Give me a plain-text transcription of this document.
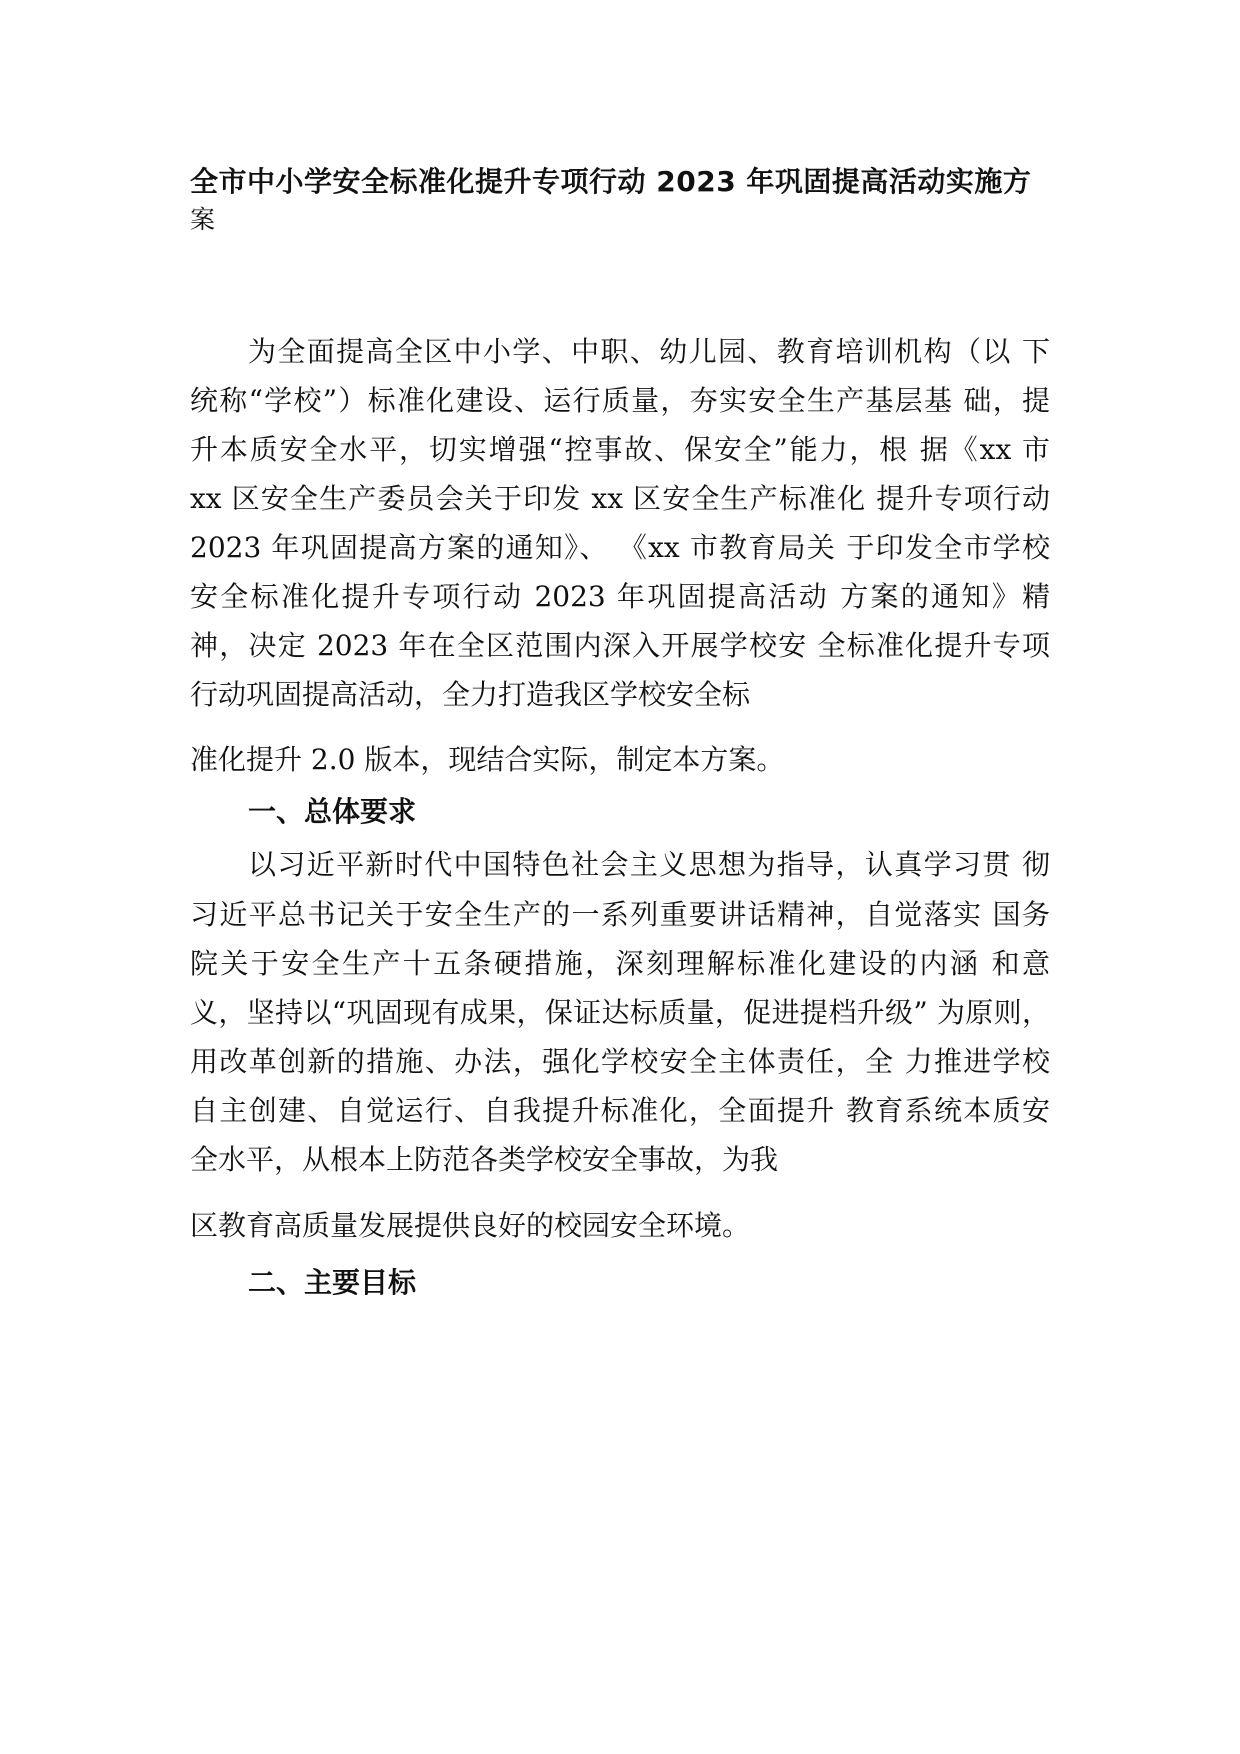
全市中小学安全标准化提升专项行动 2023 年巩固提高活动实施方
案
为全面提高全区中小学、中职、幼儿园、教育培训机构（以 下
统称“学校”）标准化建设、运行质量，夯实安全生产基层基 础，提
升本质安全水平，切实增强“控事故、保安全”能力，根 据《xx 市
xx 区安全生产委员会关于印发 xx 区安全生产标准化 提升专项行动
2023 年巩固提高方案的通知》、 《xx 市教育局关 于印发全市学校
安全标准化提升专项行动 2023 年巩固提高活动 方案的通知》精
神，决定 2023 年在全区范围内深入开展学校安 全标准化提升专项
行动巩固提高活动，全力打造我区学校安全标
准化提升 2.0 版本，现结合实际，制定本方案。
一、总体要求
以习近平新时代中国特色社会主义思想为指导，认真学习贯 彻
习近平总书记关于安全生产的一系列重要讲话精神，自觉落实 国务
院关于安全生产十五条硬措施，深刻理解标准化建设的内涵 和意
义，坚持以“巩固现有成果，保证达标质量，促进提档升级” 为原则，
用改革创新的措施、办法，强化学校安全主体责任，全 力推进学校
自主创建、自觉运行、自我提升标准化，全面提升 教育系统本质安
全水平，从根本上防范各类学校安全事故，为我
区教育高质量发展提供良好的校园安全环境。
二、主要目标
